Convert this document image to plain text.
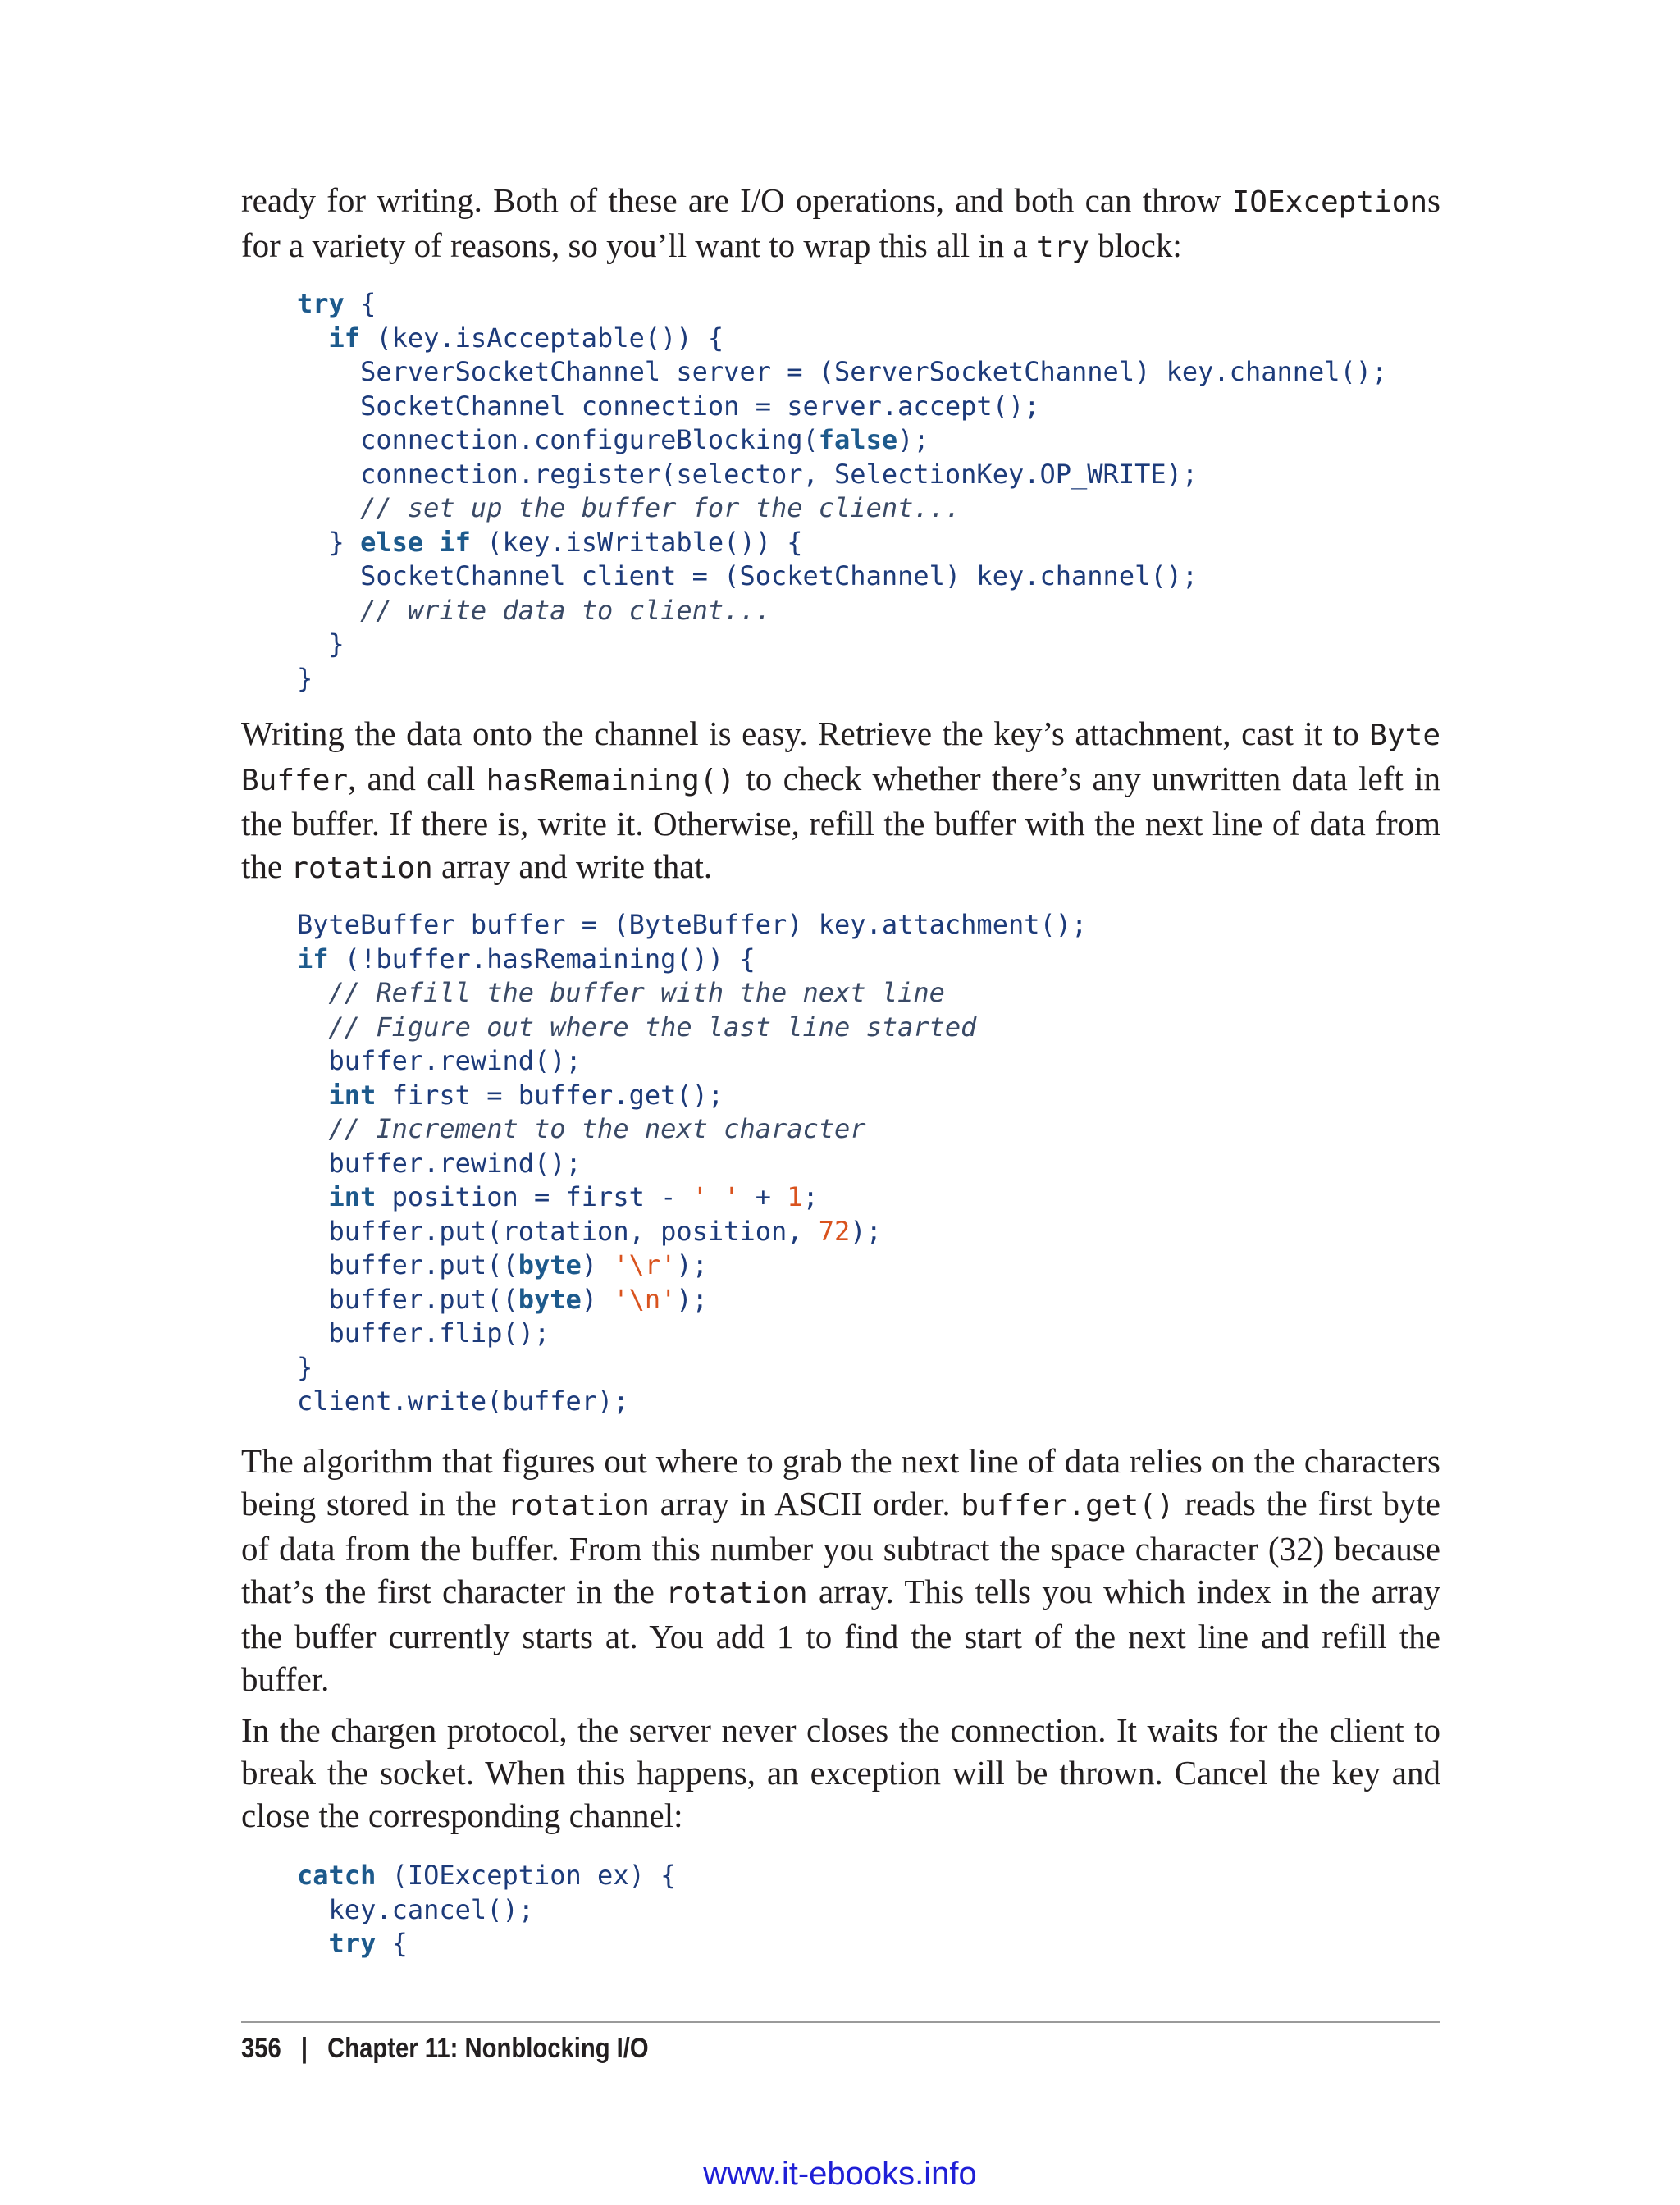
ready for writing. Both of these are I/O operations, and both can throw IOExceptions for a variety of reasons, so you’ll want to wrap this all in a try block:

try {
if (key.isAcceptable()) {
ServerSocketChannel server = (ServerSocketChannel) key.channel();
SocketChannel connection = server.accept();
connection.configureBlocking(false);
connection.register(selector, SelectionKey.OP_WRITE);
// set up the buffer for the client...
} else if (key.isWritable()) {
SocketChannel client = (SocketChannel) key.channel();
// write data to client...
}
}

Writing the data onto the channel is easy. Retrieve the key’s attachment, cast it to Byte Buffer, and call hasRemaining() to check whether there’s any unwritten data left in the buffer. If there is, write it. Otherwise, refill the buffer with the next line of data from the rotation array and write that.

ByteBuffer buffer = (ByteBuffer) key.attachment();
if (!buffer.hasRemaining()) {
// Refill the buffer with the next line
// Figure out where the last line started
buffer.rewind();
int first = buffer.get();
// Increment to the next character
buffer.rewind();
int position = first - ' ' + 1;
buffer.put(rotation, position, 72);
buffer.put((byte) '\r');
buffer.put((byte) '\n');
buffer.flip();
}
client.write(buffer);

The algorithm that figures out where to grab the next line of data relies on the characters being stored in the rotation array in ASCII order. buffer.get() reads the first byte of data from the buffer. From this number you subtract the space character (32) because that’s the first character in the rotation array. This tells you which index in the array the buffer currently starts at. You add 1 to find the start of the next line and refill the buffer.

In the chargen protocol, the server never closes the connection. It waits for the client to break the socket. When this happens, an exception will be thrown. Cancel the key and close the corresponding channel:

catch (IOException ex) {
key.cancel();
try {
356 | Chapter 11: Nonblocking I/O
www.it-ebooks.info
